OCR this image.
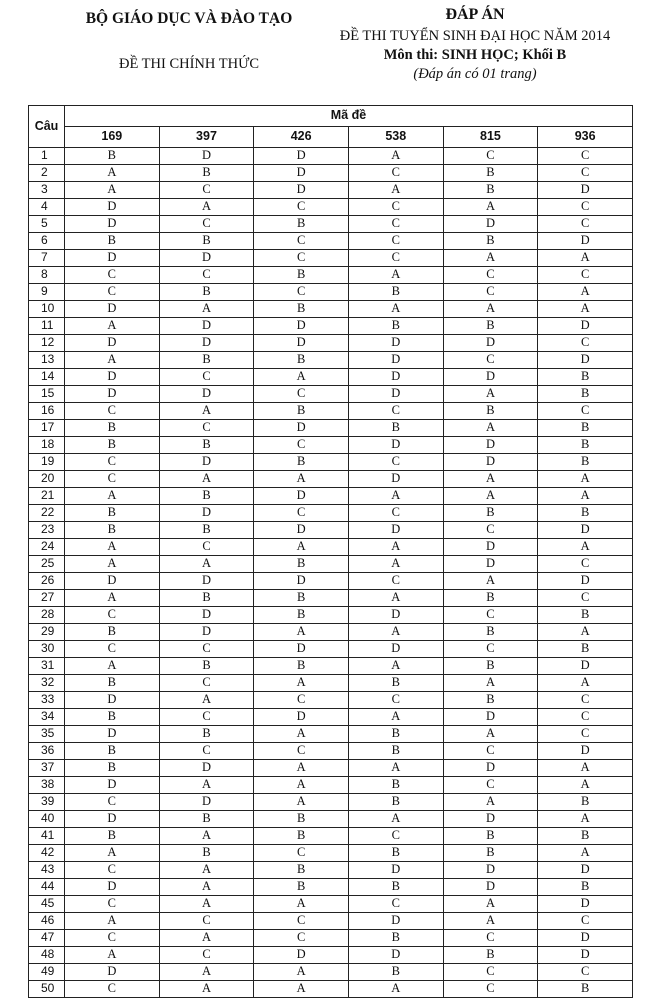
BỘ GIÁO DỤC VÀ ĐÀO TẠO
ĐỀ THI CHÍNH THỨC
ĐÁP ÁN
ĐỀ THI TUYỂN SINH ĐẠI HỌC NĂM 2014
Môn thi: SINH HỌC; Khối B
(Đáp án có 01 trang)
Câu	Mã đề					
	169	397	426	538	815	936
1	B	D	D	A	C	C
2	A	B	D	C	B	C
3	A	C	D	A	B	D
4	D	A	C	C	A	C
5	D	C	B	C	D	C
6	B	B	C	C	B	D
7	D	D	C	C	A	A
8	C	C	B	A	C	C
9	C	B	C	B	C	A
10	D	A	B	A	A	A
11	A	D	D	B	B	D
12	D	D	D	D	D	C
13	A	B	B	D	C	D
14	D	C	A	D	D	B
15	D	D	C	D	A	B
16	C	A	B	C	B	C
17	B	C	D	B	A	B
18	B	B	C	D	D	B
19	C	D	B	C	D	B
20	C	A	A	D	A	A
21	A	B	D	A	A	A
22	B	D	C	C	B	B
23	B	B	D	D	C	D
24	A	C	A	A	D	A
25	A	A	B	A	D	C
26	D	D	D	C	A	D
27	A	B	B	A	B	C
28	C	D	B	D	C	B
29	B	D	A	A	B	A
30	C	C	D	D	C	B
31	A	B	B	A	B	D
32	B	C	A	B	A	A
33	D	A	C	C	B	C
34	B	C	D	A	D	C
35	D	B	A	B	A	C
36	B	C	C	B	C	D
37	B	D	A	A	D	A
38	D	A	A	B	C	A
39	C	D	A	B	A	B
40	D	B	B	A	D	A
41	B	A	B	C	B	B
42	A	B	C	B	B	A
43	C	A	B	D	D	D
44	D	A	B	B	D	B
45	C	A	A	C	A	D
46	A	C	C	D	A	C
47	C	A	C	B	C	D
48	A	C	D	D	B	D
49	D	A	A	B	C	C
50	C	A	A	A	C	B
